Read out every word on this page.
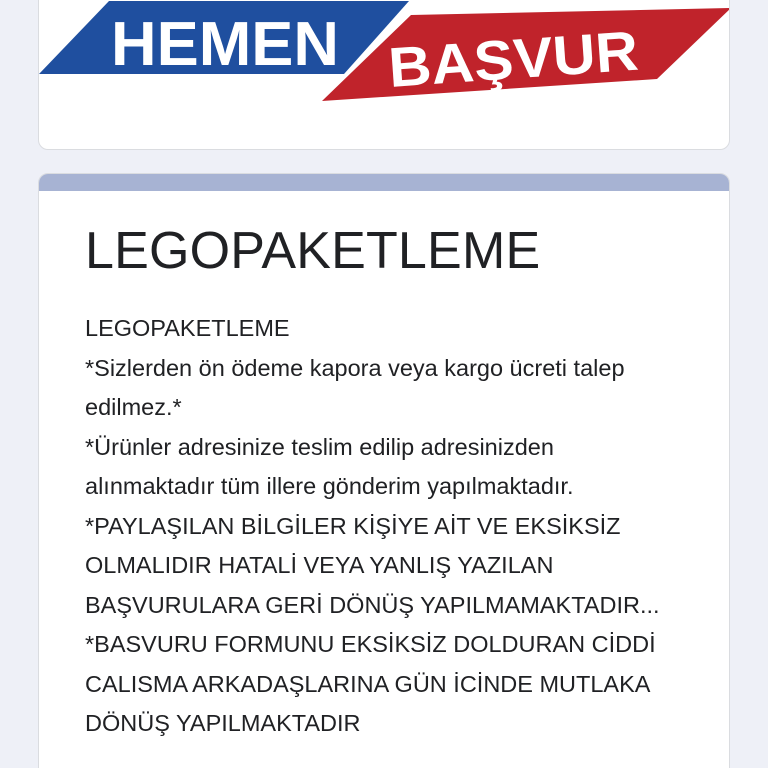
HEMEN BAŞVUR
LEGOPAKETLEME
LEGOPAKETLEME
*Sizlerden ön ödeme kapora veya kargo ücreti talep
edilmez.*
*Ürünler adresinize teslim edilip adresinizden
alınmaktadır tüm illere gönderim yapılmaktadır.
*PAYLAŞILAN BİLGİLER KİŞİYE AİT VE EKSİKSİZ
OLMALIDIR HATALİ VEYA YANLIŞ YAZILAN
BAŞVURULARA GERİ DÖNÜŞ YAPILMAMAKTADIR...
*BASVURU FORMUNU EKSİKSİZ DOLDURAN CİDDİ
CALISMA ARKADAŞLARINA GÜN İCİNDE MUTLAKA
DÖNÜŞ YAPILMAKTADIR
